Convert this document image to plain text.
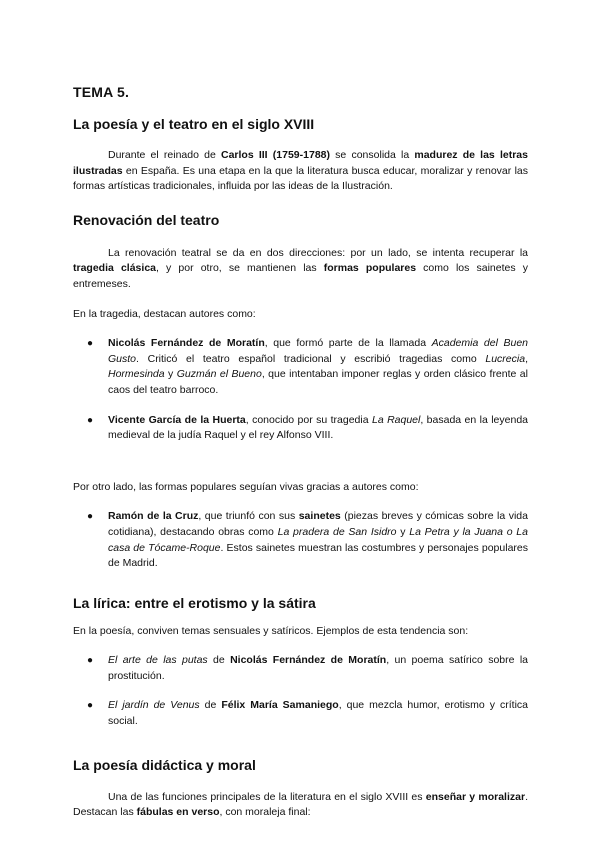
TEMA 5.
La poesía y el teatro en el siglo XVIII

Durante el reinado de Carlos III (1759-1788) se consolida la madurez de las letras ilustradas en España. Es una etapa en la que la literatura busca educar, moralizar y renovar las formas artísticas tradicionales, influida por las ideas de la Ilustración.

Renovación del teatro

La renovación teatral se da en dos direcciones: por un lado, se intenta recuperar la tragedia clásica, y por otro, se mantienen las formas populares como los sainetes y entremeses.

En la tragedia, destacan autores como:

● Nicolás Fernández de Moratín, que formó parte de la llamada Academia del Buen Gusto. Criticó el teatro español tradicional y escribió tragedias como Lucrecia, Hormesinda y Guzmán el Bueno, que intentaban imponer reglas y orden clásico frente al caos del teatro barroco.
● Vicente García de la Huerta, conocido por su tragedia La Raquel, basada en la leyenda medieval de la judía Raquel y el rey Alfonso VIII.

Por otro lado, las formas populares seguían vivas gracias a autores como:

● Ramón de la Cruz, que triunfó con sus sainetes (piezas breves y cómicas sobre la vida cotidiana), destacando obras como La pradera de San Isidro y La Petra y la Juana o La casa de Tócame-Roque. Estos sainetes muestran las costumbres y personajes populares de Madrid.
La lírica: entre el erotismo y la sátira

En la poesía, conviven temas sensuales y satíricos. Ejemplos de esta tendencia son:

● El arte de las putas de Nicolás Fernández de Moratín, un poema satírico sobre la prostitución.
● El jardín de Venus de Félix María Samaniego, que mezcla humor, erotismo y crítica social.
La poesía didáctica y moral

Una de las funciones principales de la literatura en el siglo XVIII es enseñar y moralizar. Destacan las fábulas en verso, con moraleja final:
